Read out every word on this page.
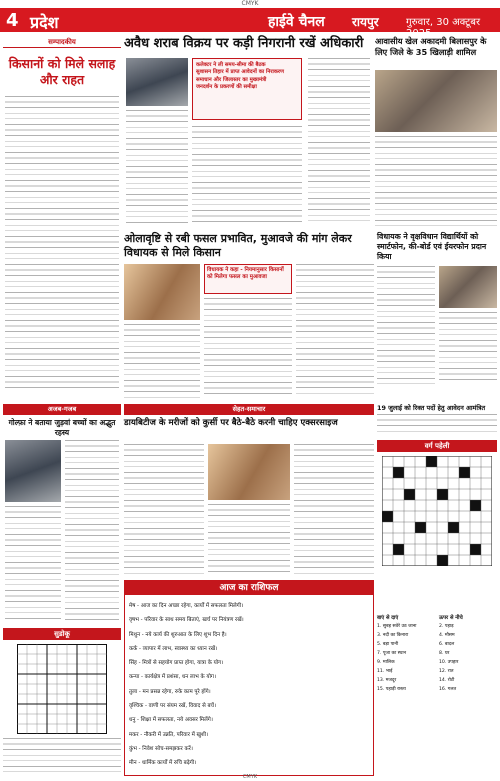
CMYK
4 प्रदेश	हाईवे चैनल रायपुर	गुरुवार, 30 अक्टूबर 2025
सम्पादकीय
किसानों को मिले सलाह और राहत
अवैध शराब विक्रय पर कड़ी निगरानी रखें अधिकारी
कलेक्टर ने ली समय-सीमा की बैठक
सुशासन तिहार में प्राप्त आवेदनों का निराकरण
समाधान और जिलास्तर का मुख्यमंत्री
जनदर्शन के प्रकरणों की समीक्षा
आवासीय खेल अकादमी बिलासपुर के लिए जिले के 35 खिलाड़ी शामिल
ओलावृष्टि से रबी फसल प्रभावित, मुआवजे की मांग लेकर विधायक से मिले किसान
विधायक ने कहा - नियमानुसार किसानों को मिलेगा फसल का मुआवजा
विधायक ने वृक्षविधान विद्यार्थियों को स्मार्टफोन, की-बोर्ड एवं ईयरफोन प्रदान किया
19 जुलाई को रिक्त पदों हेतु आवेदन आमंत्रित
अजब-गजब
गोल्फ़ा ने बताया जुड़वां बच्चों का अद्भुत रहस्य
सेहत-समाचार
डायबिटीज के मरीजों को कुर्सी पर बैठे-बैठे करनी चाहिए एक्सरसाइज
सुडोकू
वर्ग पहेली
आज का राशिफल
मेष - आज का दिन अच्छा रहेगा, कार्यों में सफलता मिलेगी।
वृषभ - परिवार के साथ समय बिताएं, खर्च पर नियंत्रण रखें।
मिथुन - नये कार्य की शुरुआत के लिए शुभ दिन है।
कर्क - व्यापार में लाभ, स्वास्थ्य का ध्यान रखें।
सिंह - मित्रों से सहयोग प्राप्त होगा, यात्रा के योग।
कन्या - कार्यक्षेत्र में प्रशंसा, धन लाभ के योग।
तुला - मन प्रसन्न रहेगा, रुके काम पूरे होंगे।
वृश्चिक - वाणी पर संयम रखें, विवाद से बचें।
धनु - शिक्षा में सफलता, नये अवसर मिलेंगे।
मकर - नौकरी में उन्नति, परिवार में खुशी।
कुंभ - निवेश सोच-समझकर करें।
मीन - धार्मिक कार्यों में रुचि बढ़ेगी।
बाएं से दाएं
1. सुबह सवेरे उठ जाना
3. नदी का किनारा
5. बड़ा पानी
7. पूजा का स्थान
9. मालिक
11. भाई
13. मजदूर
15. पहाड़ी रास्ता
ऊपर से नीचे
2. पहाड़
4. मौसम
6. बादल
8. घर
10. उपहार
12. रात
14. रोटी
16. गलत
CMYK
